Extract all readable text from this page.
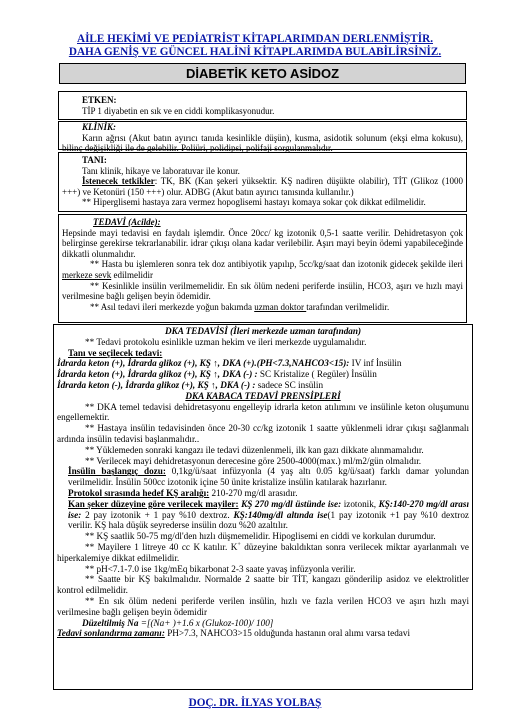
AİLE HEKİMİ VE PEDİATRİST KİTAPLARIMDAN DERLENMİŞTİR.
DAHA GENİŞ VE GÜNCEL HALİNİ KİTAPLARIMDA BULABİLİRSİNİZ.
DİABETİK KETO ASİDOZ

ETKEN:

TİP 1 diyabetin en sık ve en ciddi komplikasyonudur.

KLİNİK:

Karın ağrısı (Akut batın ayırıcı tanıda kesinlikle düşün), kusma, asidotik solunum (ekşi elma kokusu), bilinç değişikliği ile de gelebilir. Poliüri, polidipsi, polifaji sorgulanmalıdır.

TANI:

Tanı klinik, hikaye ve laboratuvar ile konur.

İstenecek tetkikler: TK, BK (Kan şekeri yüksektir. KŞ nadiren düşükte olabilir), TİT (Glikoz (1000 +++) ve Ketonüri (150 +++) olur. ADBG (Akut batın ayırıcı tanısında kullanılır.)

** Hiperglisemi hastaya zara vermez hopoglisemi hastayı komaya sokar çok dikkat edilmelidir.

TEDAVİ (Acilde):

Hepsinde mayi tedavisi en faydalı işlemdir. Önce 20cc/ kg izotonik 0,5-1 saatte verilir. Dehidretasyon çok belirginse gerekirse tekrarlanabilir. idrar çıkışı olana kadar verilebilir. Aşırı mayi beyin ödemi yapabileceğinde dikkatli olunmalıdır.

** Hasta bu işlemleren sonra tek doz antibiyotik yapılıp, 5cc/kg/saat dan izotonik gidecek şekilde ileri merkeze sevk edilmelidir

** Kesinlikle insülin verilmemelidir. En sık ölüm nedeni periferde insülin, HCO3, aşırı ve hızlı mayi verilmesine bağlı gelişen beyin ödemidir.

** Asıl tedavi ileri merkezde yoğun bakımda uzman doktor tarafından verilmelidir.

DKA TEDAVİSİ (İleri merkezde uzman tarafından)

** Tedavi protokolu esinlikle uzman hekim ve ileri merkezde uygulamalıdır.

Tanı ve seçilecek tedavi:

İdrarda keton (+), İdrarda glikoz (+), KŞ ↑, DKA (+).(PH<7.3,NAHCO3<15): IV inf İnsülin

İdrarda keton (+), İdrarda glikoz (+), KŞ ↑, DKA (-) : SC Kristalize ( Regüler) İnsülin

İdrarda keton (-), İdrarda glikoz (+), KŞ ↑, DKA (-) : sadece SC insülin

DKA KABACA TEDAVİ PRENSİPLERİ

** DKA temel tedavisi dehidretasyonu engelleyip idrarla keton atılımını ve insülinle keton oluşumunu engellemektir.

** Hastaya insülin tedavisinden önce 20-30 cc/kg izotonik 1 saatte yüklenmeli idrar çıkışı sağlanmalı ardında insülin tedavisi başlanmalıdır..

** Yüklemeden sonraki kangazı ile tedavi düzenlenmeli, ilk kan gazı dikkate alınmamalıdır.

** Verilecek mayi dehidretasyonun derecesine göre 2500-4000(max.) ml/m2/gün olmalıdır.

İnsülin başlangıç dozu: 0,1kg/ü/saat infüzyonla (4 yaş altı 0.05 kg/ü/saat) farklı damar yolundan verilmelidir. İnsülin 500cc izotonik içine 50 ünite kristalize insülin katılarak hazırlanır.

Protokol sırasında hedef KŞ aralığı: 210-270 mg/dl arasıdır.

Kan şeker düzeyine göre verilecek mayiler: KŞ 270 mg/dl üstünde ise: izotonik, KŞ:140-270 mg/dl arası ise: 2 pay izotonik + 1 pay %10 dextroz. KŞ:140mg/dl altında ise(1 pay izotonik +1 pay %10 dextroz verilir. KŞ hala düşük seyrederse insülin dozu %20 azaltılır.

** KŞ saatlik 50-75 mg/dl'den hızlı düşmemelidir. Hipoglisemi en ciddi ve korkulan durumdur.

** Mayilere 1 litreye 40 cc K katılır. K+ düzeyine bakıldıktan sonra verilecek miktar ayarlanmalı ve hiperkalemiye dikkat edilmelidir.

** pH<7.1-7.0 ise 1kg/mEq bikarbonat 2-3 saate yavaş infüzyonla verilir.

** Saatte bir KŞ bakılmalıdır. Normalde 2 saatte bir TİT, kangazı gönderilip asidoz ve elektrolitler kontrol edilmelidir.

** En sık ölüm nedeni periferde verilen insülin, hızlı ve fazla verilen HCO3 ve aşırı hızlı mayi verilmesine bağlı gelişen beyin ödemidir

Düzeltilmiş Na =[(Na+ )+1.6 x (Glukoz-100)/ 100]

Tedavi sonlandırma zamanı: PH>7.3, NAHCO3>15 olduğunda hastanın oral alımı varsa tedavi

DOÇ. DR. İLYAS YOLBAŞ
